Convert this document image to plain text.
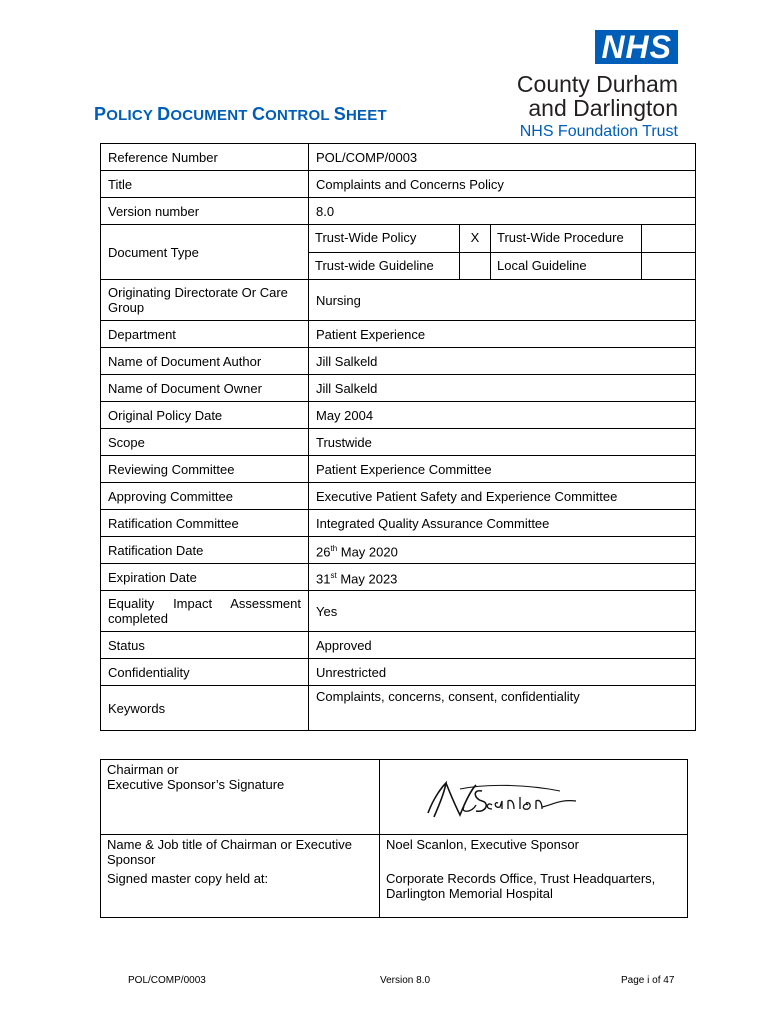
NHS
County Durham
and Darlington
NHS Foundation Trust
POLICY DOCUMENT CONTROL SHEET
Reference Number	POL/COMP/0003
Title	Complaints and Concerns Policy
Version number	8.0
Document Type	
Trust-Wide Policy	X	Trust-Wide Procedure	
Trust-wide Guideline		Local Guideline	

Originating Directorate Or Care Group	Nursing
Department	Patient Experience
Name of Document Author	Jill Salkeld
Name of Document Owner	Jill Salkeld
Original Policy Date	May 2004
Scope	Trustwide
Reviewing Committee	Patient Experience Committee
Approving Committee	Executive Patient Safety and Experience Committee
Ratification Committee	Integrated Quality Assurance Committee
Ratification Date	26th May 2020
Expiration Date	31st May 2023
Equality Impact Assessment completed	Yes
Status	Approved
Confidentiality	Unrestricted
Keywords	Complaints, concerns, consent, confidentiality
Chairman or
Executive Sponsor’s Signature

Name & Job title of Chairman or Executive Sponsor	Noel Scanlon, Executive Sponsor
Signed master copy held at:	Corporate Records Office, Trust Headquarters, Darlington Memorial Hospital
POL/COMP/0003	Version 8.0	Page i of 47
